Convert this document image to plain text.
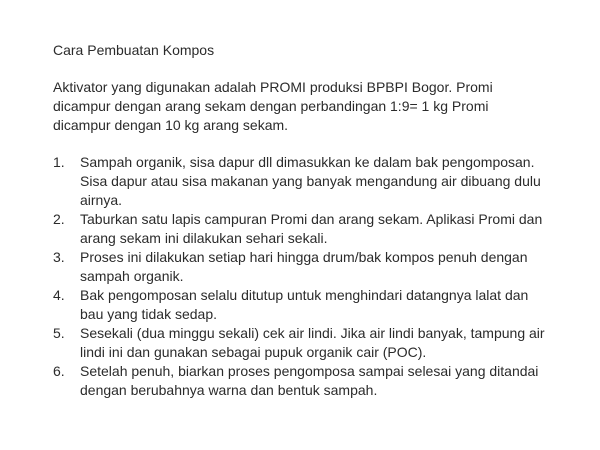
Cara Pembuatan Kompos
Aktivator yang digunakan adalah PROMI produksi BPBPI Bogor. Promi
dicampur dengan arang sekam dengan perbandingan 1:9= 1 kg Promi
dicampur dengan 10 kg arang sekam.
1. Sampah organik, sisa dapur dll dimasukkan ke dalam bak pengomposan.
Sisa dapur atau sisa makanan yang banyak mengandung air dibuang dulu
airnya.
2. Taburkan satu lapis campuran Promi dan arang sekam. Aplikasi Promi dan
arang sekam ini dilakukan sehari sekali.
3. Proses ini dilakukan setiap hari hingga drum/bak kompos penuh dengan
sampah organik.
4. Bak pengomposan selalu ditutup untuk menghindari datangnya lalat dan
bau yang tidak sedap.
5. Sesekali (dua minggu sekali) cek air lindi. Jika air lindi banyak, tampung air
lindi ini dan gunakan sebagai pupuk organik cair (POC).
6. Setelah penuh, biarkan proses pengomposa sampai selesai yang ditandai
dengan berubahnya warna dan bentuk sampah.
